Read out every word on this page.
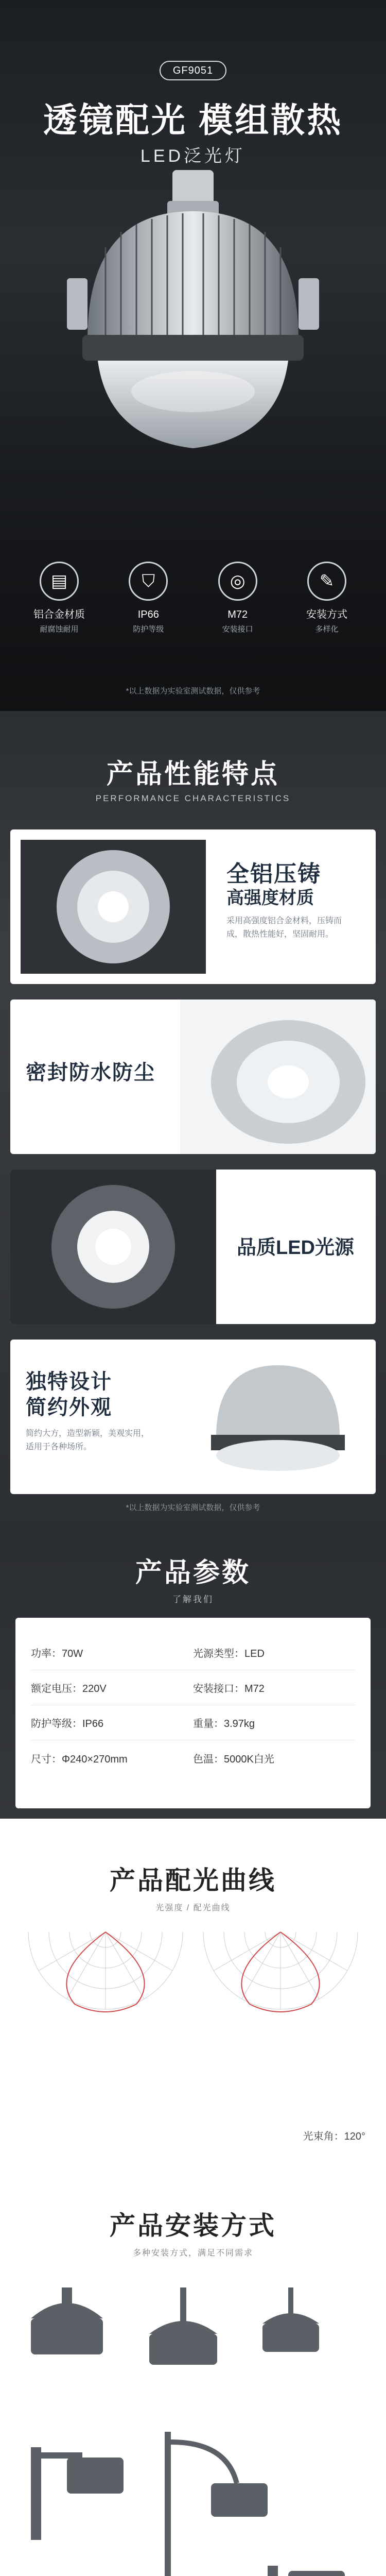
GF9051
透镜配光 模组散热
LED泛光灯
▤
铝合金材质
耐腐蚀耐用
⛉
IP66
防护等级
◎
M72
安装接口
✎
安装方式
多样化
*以上数据为实验室测试数据，仅供参考
产品性能特点
PERFORMANCE CHARACTERISTICS
全铝压铸
高强度材质
采用高强度铝合金材料，压铸而成，散热性能好，坚固耐用。
密封防水防尘
品质LED光源
独特设计
简约外观
简约大方，造型新颖，美观实用，适用于各种场所。
*以上数据为实验室测试数据，仅供参考
产品参数
了解我们
功率：70W	光源类型：LED
额定电压：220V	安装接口：M72
防护等级：IP66	重量：3.97kg
尺寸：Φ240×270mm	色温：5000K白光
产品配光曲线
光强度 / 配光曲线
光束角：120°
产品安装方式
多种安装方式，满足不同需求
